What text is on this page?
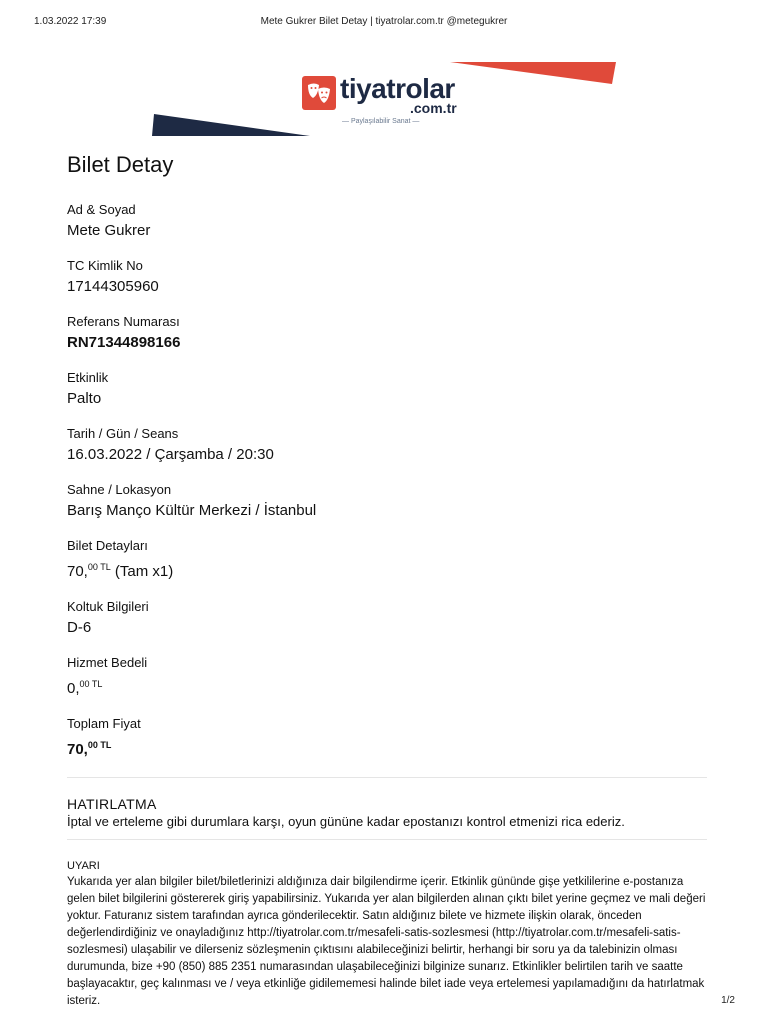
1.03.2022 17:39	Mete Gukrer Bilet Detay | tiyatrolar.com.tr @metegukrer
tiyatrolar
.com.tr
— Paylaşılabilir Sanat —
Bilet Detay
Ad & Soyad
Mete Gukrer
TC Kimlik No
17144305960
Referans Numarası
RN71344898166
Etkinlik
Palto
Tarih / Gün / Seans
16.03.2022 / Çarşamba / 20:30
Sahne / Lokasyon
Barış Manço Kültür Merkezi / İstanbul
Bilet Detayları
70,$^{00 TL}$ (Tam x1)
Koltuk Bilgileri
D-6
Hizmet Bedeli
0,$^{00 TL}$
Toplam Fiyat
70,$^{00 TL}$
HATIRLATMA
İptal ve erteleme gibi durumlara karşı, oyun gününe kadar epostanızı kontrol etmenizi rica ederiz.
UYARI
Yukarıda yer alan bilgiler bilet/biletlerinizi aldığınıza dair bilgilendirme içerir. Etkinlik gününde gişe yetkililerine e-postanıza gelen bilet bilgilerini göstererek giriş yapabilirsiniz. Yukarıda yer alan bilgilerden alınan çıktı bilet yerine geçmez ve mali değeri yoktur. Faturanız sistem tarafından ayrıca gönderilecektir. Satın aldığınız bilete ve hizmete ilişkin olarak, önceden değerlendirdiğiniz ve onayladığınız http://tiyatrolar.com.tr/mesafeli-satis-sozlesmesi (http://tiyatrolar.com.tr/mesafeli-satis-sozlesmesi) ulaşabilir ve dilerseniz sözleşmenin çıktısını alabileceğinizi belirtir, herhangi bir soru ya da talebinizin olması durumunda, bize +90 (850) 885 2351 numarasından ulaşabileceğinizi bilginize sunarız. Etkinlikler belirtilen tarih ve saatte başlayacaktır, geç kalınması ve / veya etkinliğe gidilememesi halinde bilet iade veya ertelemesi yapılamadığını da hatırlatmak isteriz.	1/2
